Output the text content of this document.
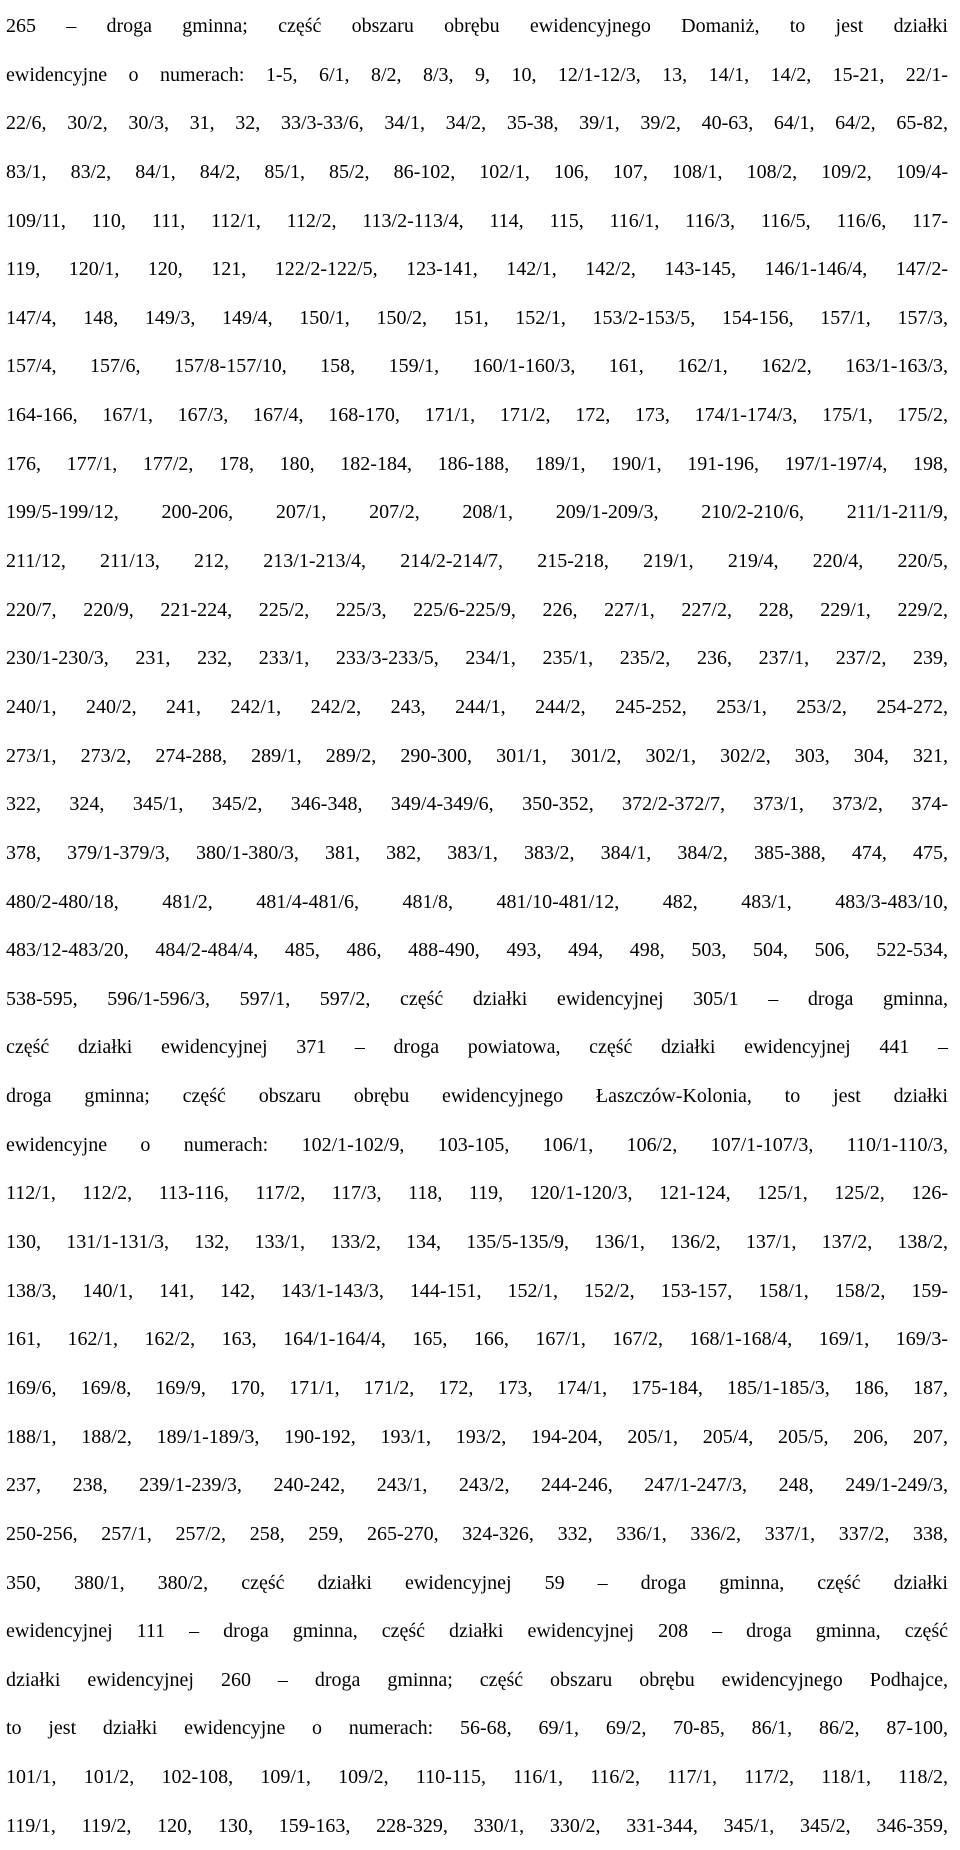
265 – droga gminna; część obszaru obrębu ewidencyjnego Domaniż, to jest działki
ewidencyjne o numerach: 1-5, 6/1, 8/2, 8/3, 9, 10, 12/1-12/3, 13, 14/1, 14/2, 15-21, 22/1-
22/6, 30/2, 30/3, 31, 32, 33/3-33/6, 34/1, 34/2, 35-38, 39/1, 39/2, 40-63, 64/1, 64/2, 65-82,
83/1, 83/2, 84/1, 84/2, 85/1, 85/2, 86-102, 102/1, 106, 107, 108/1, 108/2, 109/2, 109/4-
109/11, 110, 111, 112/1, 112/2, 113/2-113/4, 114, 115, 116/1, 116/3, 116/5, 116/6, 117-
119, 120/1, 120, 121, 122/2-122/5, 123-141, 142/1, 142/2, 143-145, 146/1-146/4, 147/2-
147/4, 148, 149/3, 149/4, 150/1, 150/2, 151, 152/1, 153/2-153/5, 154-156, 157/1, 157/3,
157/4, 157/6, 157/8-157/10, 158, 159/1, 160/1-160/3, 161, 162/1, 162/2, 163/1-163/3,
164-166, 167/1, 167/3, 167/4, 168-170, 171/1, 171/2, 172, 173, 174/1-174/3, 175/1, 175/2,
176, 177/1, 177/2, 178, 180, 182-184, 186-188, 189/1, 190/1, 191-196, 197/1-197/4, 198,
199/5-199/12, 200-206, 207/1, 207/2, 208/1, 209/1-209/3, 210/2-210/6, 211/1-211/9,
211/12, 211/13, 212, 213/1-213/4, 214/2-214/7, 215-218, 219/1, 219/4, 220/4, 220/5,
220/7, 220/9, 221-224, 225/2, 225/3, 225/6-225/9, 226, 227/1, 227/2, 228, 229/1, 229/2,
230/1-230/3, 231, 232, 233/1, 233/3-233/5, 234/1, 235/1, 235/2, 236, 237/1, 237/2, 239,
240/1, 240/2, 241, 242/1, 242/2, 243, 244/1, 244/2, 245-252, 253/1, 253/2, 254-272,
273/1, 273/2, 274-288, 289/1, 289/2, 290-300, 301/1, 301/2, 302/1, 302/2, 303, 304, 321,
322, 324, 345/1, 345/2, 346-348, 349/4-349/6, 350-352, 372/2-372/7, 373/1, 373/2, 374-
378, 379/1-379/3, 380/1-380/3, 381, 382, 383/1, 383/2, 384/1, 384/2, 385-388, 474, 475,
480/2-480/18, 481/2, 481/4-481/6, 481/8, 481/10-481/12, 482, 483/1, 483/3-483/10,
483/12-483/20, 484/2-484/4, 485, 486, 488-490, 493, 494, 498, 503, 504, 506, 522-534,
538-595, 596/1-596/3, 597/1, 597/2, część działki ewidencyjnej 305/1 – droga gminna,
część działki ewidencyjnej 371 – droga powiatowa, część działki ewidencyjnej 441 –
droga gminna; część obszaru obrębu ewidencyjnego Łaszczów-Kolonia, to jest działki
ewidencyjne o numerach: 102/1-102/9, 103-105, 106/1, 106/2, 107/1-107/3, 110/1-110/3,
112/1, 112/2, 113-116, 117/2, 117/3, 118, 119, 120/1-120/3, 121-124, 125/1, 125/2, 126-
130, 131/1-131/3, 132, 133/1, 133/2, 134, 135/5-135/9, 136/1, 136/2, 137/1, 137/2, 138/2,
138/3, 140/1, 141, 142, 143/1-143/3, 144-151, 152/1, 152/2, 153-157, 158/1, 158/2, 159-
161, 162/1, 162/2, 163, 164/1-164/4, 165, 166, 167/1, 167/2, 168/1-168/4, 169/1, 169/3-
169/6, 169/8, 169/9, 170, 171/1, 171/2, 172, 173, 174/1, 175-184, 185/1-185/3, 186, 187,
188/1, 188/2, 189/1-189/3, 190-192, 193/1, 193/2, 194-204, 205/1, 205/4, 205/5, 206, 207,
237, 238, 239/1-239/3, 240-242, 243/1, 243/2, 244-246, 247/1-247/3, 248, 249/1-249/3,
250-256, 257/1, 257/2, 258, 259, 265-270, 324-326, 332, 336/1, 336/2, 337/1, 337/2, 338,
350, 380/1, 380/2, część działki ewidencyjnej 59 – droga gminna, część działki
ewidencyjnej 111 – droga gminna, część działki ewidencyjnej 208 – droga gminna, część
działki ewidencyjnej 260 – droga gminna; część obszaru obrębu ewidencyjnego Podhajce,
to jest działki ewidencyjne o numerach: 56-68, 69/1, 69/2, 70-85, 86/1, 86/2, 87-100,
101/1, 101/2, 102-108, 109/1, 109/2, 110-115, 116/1, 116/2, 117/1, 117/2, 118/1, 118/2,
119/1, 119/2, 120, 130, 159-163, 228-329, 330/1, 330/2, 331-344, 345/1, 345/2, 346-359,
